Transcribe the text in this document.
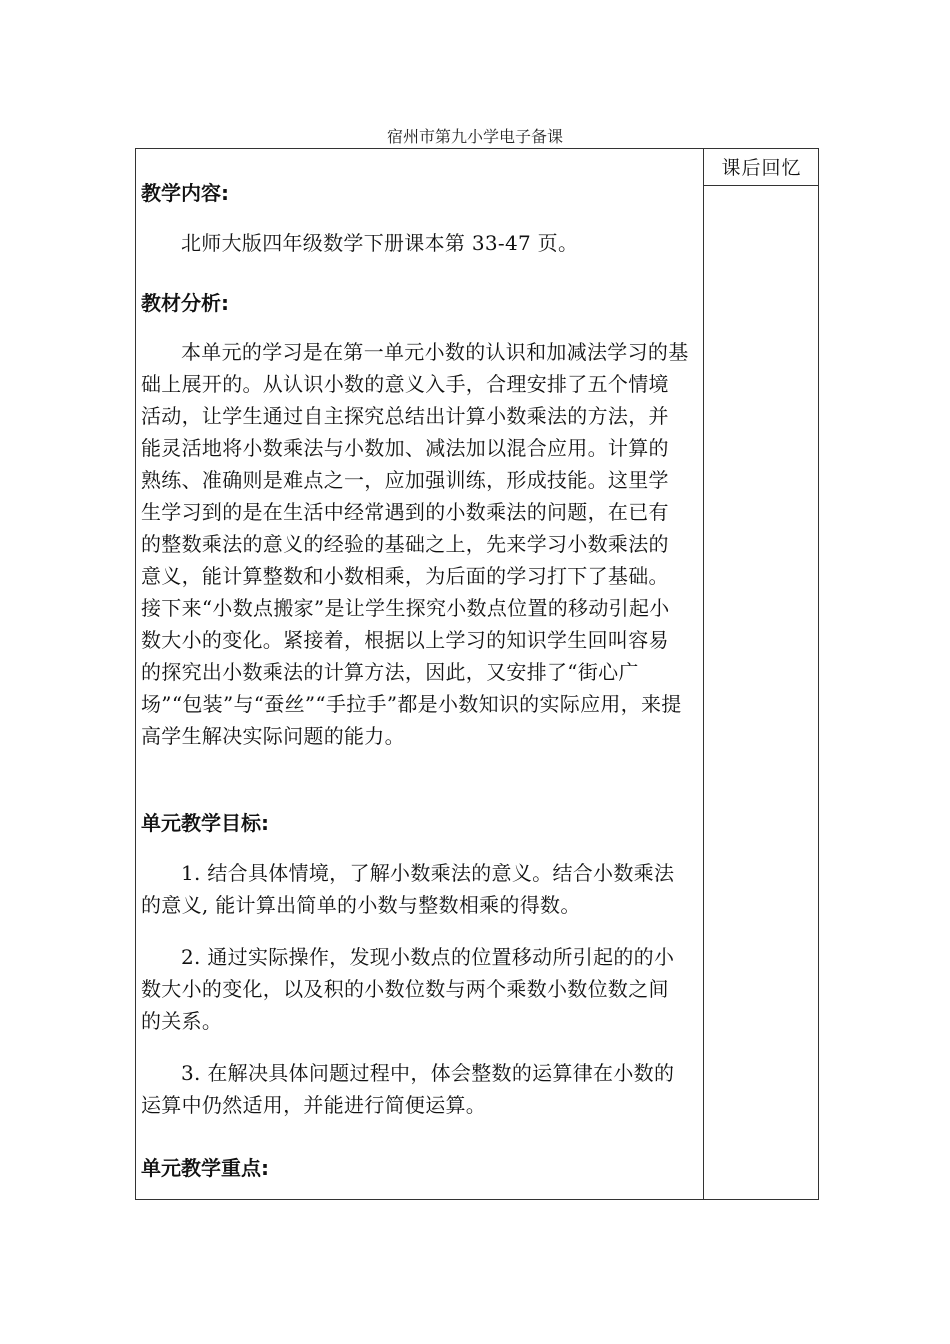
宿州市第九小学电子备课
课后回忆
教学内容:

北师大版四年级数学下册课本第 33-47 页。

教材分析:

本单元的学习是在第一单元小数的认识和加减法学习的基础上展开的。从认识小数的意义入手，合理安排了五个情境活动，让学生通过自主探究总结出计算小数乘法的方法，并能灵活地将小数乘法与小数加、减法加以混合应用。计算的熟练、准确则是难点之一，应加强训练，形成技能。这里学生学习到的是在生活中经常遇到的小数乘法的问题，在已有的整数乘法的意义的经验的基础之上，先来学习小数乘法的意义，能计算整数和小数相乘，为后面的学习打下了基础。接下来“小数点搬家”是让学生探究小数点位置的移动引起小数大小的变化。紧接着，根据以上学习的知识学生回叫容易的探究出小数乘法的计算方法，因此，又安排了“街心广场”“包装”与“蚕丝”“手拉手”都是小数知识的实际应用，来提高学生解决实际问题的能力。

单元教学目标:

1. 结合具体情境，了解小数乘法的意义。结合小数乘法的意义, 能计算出简单的小数与整数相乘的得数。

2. 通过实际操作，发现小数点的位置移动所引起的的小数大小的变化，以及积的小数位数与两个乘数小数位数之间的关系。

3. 在解决具体问题过程中，体会整数的运算律在小数的运算中仍然适用，并能进行简便运算。

单元教学重点:
